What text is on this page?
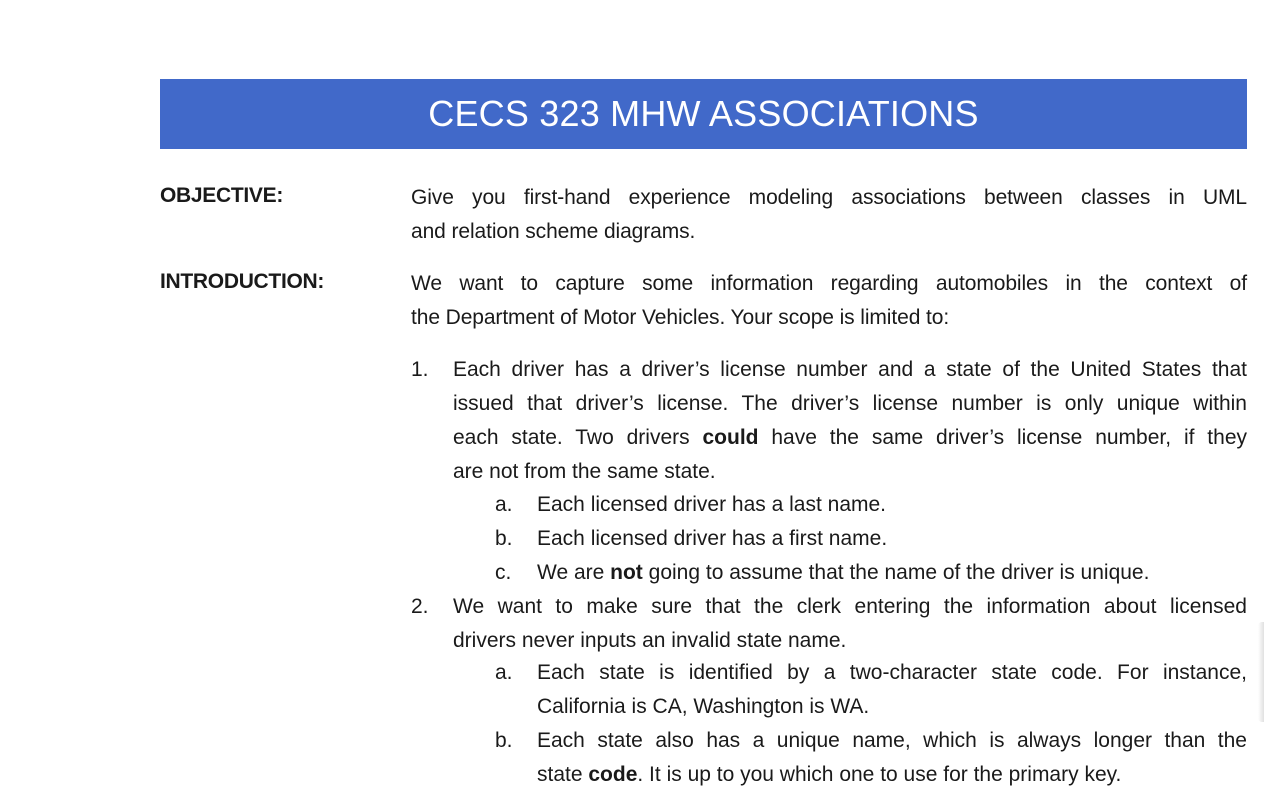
CECS 323 MHW ASSOCIATIONS
OBJECTIVE:	Give you first-hand experience modeling associations between classes in UML
and relation scheme diagrams.
INTRODUCTION:	We want to capture some information regarding automobiles in the context of
the Department of Motor Vehicles. Your scope is limited to:
1. Each driver has a driver’s license number and a state of the United States that
issued that driver’s license. The driver’s license number is only unique within
each state. Two drivers could have the same driver’s license number, if they
are not from the same state.
a. Each licensed driver has a last name.
b. Each licensed driver has a first name.
c. We are not going to assume that the name of the driver is unique.
2. We want to make sure that the clerk entering the information about licensed
drivers never inputs an invalid state name.
a. Each state is identified by a two-character state code. For instance,
California is CA, Washington is WA.
b. Each state also has a unique name, which is always longer than the
state code. It is up to you which one to use for the primary key.
